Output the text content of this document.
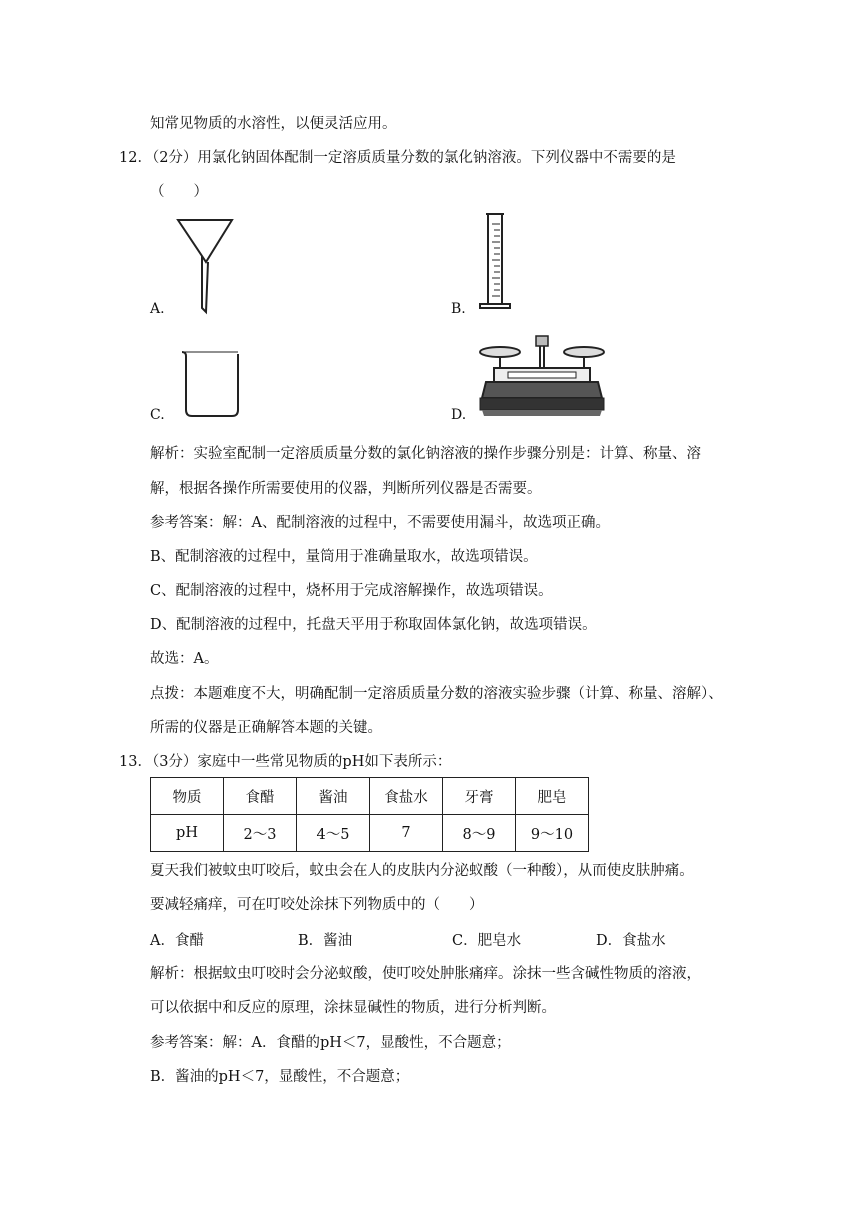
知常见物质的水溶性，以便灵活应用。
12．（2分）用氯化钠固体配制一定溶质质量分数的氯化钠溶液。下列仪器中不需要的是
（　　）
A.	B.
C.	D.
解析：实验室配制一定溶质质量分数的氯化钠溶液的操作步骤分别是：计算、称量、溶
解，根据各操作所需要使用的仪器，判断所列仪器是否需要。
参考答案：解：A、配制溶液的过程中，不需要使用漏斗，故选项正确。
B、配制溶液的过程中，量筒用于准确量取水，故选项错误。
C、配制溶液的过程中，烧杯用于完成溶解操作，故选项错误。
D、配制溶液的过程中，托盘天平用于称取固体氯化钠，故选项错误。
故选：A。
点拨：本题难度不大，明确配制一定溶质质量分数的溶液实验步骤（计算、称量、溶解）、
所需的仪器是正确解答本题的关键。
13．（3分）家庭中一些常见物质的pH如下表所示：
物质	食醋	酱油	食盐水	牙膏	肥皂
pH	2～3	4～5	7	8～9	9～10
夏天我们被蚊虫叮咬后，蚊虫会在人的皮肤内分泌蚁酸（一种酸），从而使皮肤肿痛。
要减轻痛痒，可在叮咬处涂抹下列物质中的（　　）
A．食醋	B．酱油	C．肥皂水	D．食盐水
解析：根据蚊虫叮咬时会分泌蚁酸，使叮咬处肿胀痛痒。涂抹一些含碱性物质的溶液，
可以依据中和反应的原理，涂抹显碱性的物质，进行分析判断。
参考答案：解：A．食醋的pH＜7，显酸性，不合题意；
B．酱油的pH＜7，显酸性，不合题意；
